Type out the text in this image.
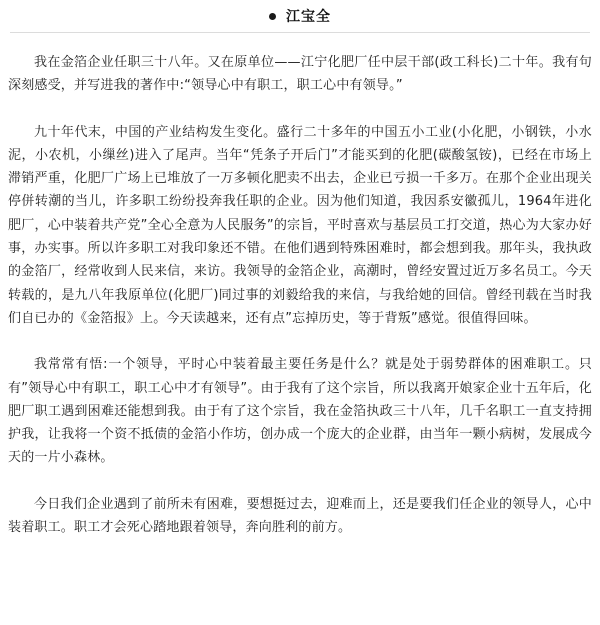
江宝全

我在金箔企业任职三十八年。又在原单位——江宁化肥厂任中层干部(政工科长)二十年。我有句深刻感受，并写进我的著作中:“领导心中有职工，职工心中有领导。”

九十年代末，中国的产业结构发生变化。盛行二十多年的中国五小工业(小化肥，小钢铁，小水泥，小农机，小缫丝)进入了尾声。当年“凭条子开后门”才能买到的化肥(碳酸氢铵)，已经在市场上滞销严重，化肥厂广场上已堆放了一万多顿化肥卖不出去，企业已亏损一千多万。在那个企业出现关停併转潮的当儿，许多职工纷纷投奔我任职的企业。因为他们知道，我因系安徽孤儿，1964年进化肥厂，心中装着共产党”全心全意为人民服务”的宗旨，平时喜欢与基层员工打交道，热心为大家办好事，办实事。所以许多职工对我印象还不错。在他们遇到特殊困难时，都会想到我。那年头，我执政的金箔厂，经常收到人民来信，来访。我领导的金箔企业，高潮时，曾经安置过近万多名员工。今天转载的，是九八年我原单位(化肥厂)同过事的刘毅给我的来信，与我给她的回信。曾经刊载在当时我们自已办的《金箔报》上。今天读越来，还有点”忘掉历史，等于背叛”感觉。很值得回味。

我常常有悟:一个领导，平时心中装着最主要任务是什么？就是处于弱势群体的困难职工。只有”领导心中有职工，职工心中才有领导”。由于我有了这个宗旨，所以我离开娘家企业十五年后，化肥厂职工遇到困难还能想到我。由于有了这个宗旨，我在金箔执政三十八年，几千名职工一直支持拥护我，让我将一个资不抵债的金箔小作坊，创办成一个庞大的企业群，由当年一颗小病树，发展成今天的一片小森林。

今日我们企业遇到了前所未有困难，要想挺过去，迎难而上，还是要我们任企业的领导人，心中装着职工。职工才会死心踏地跟着领导，奔向胜利的前方。
